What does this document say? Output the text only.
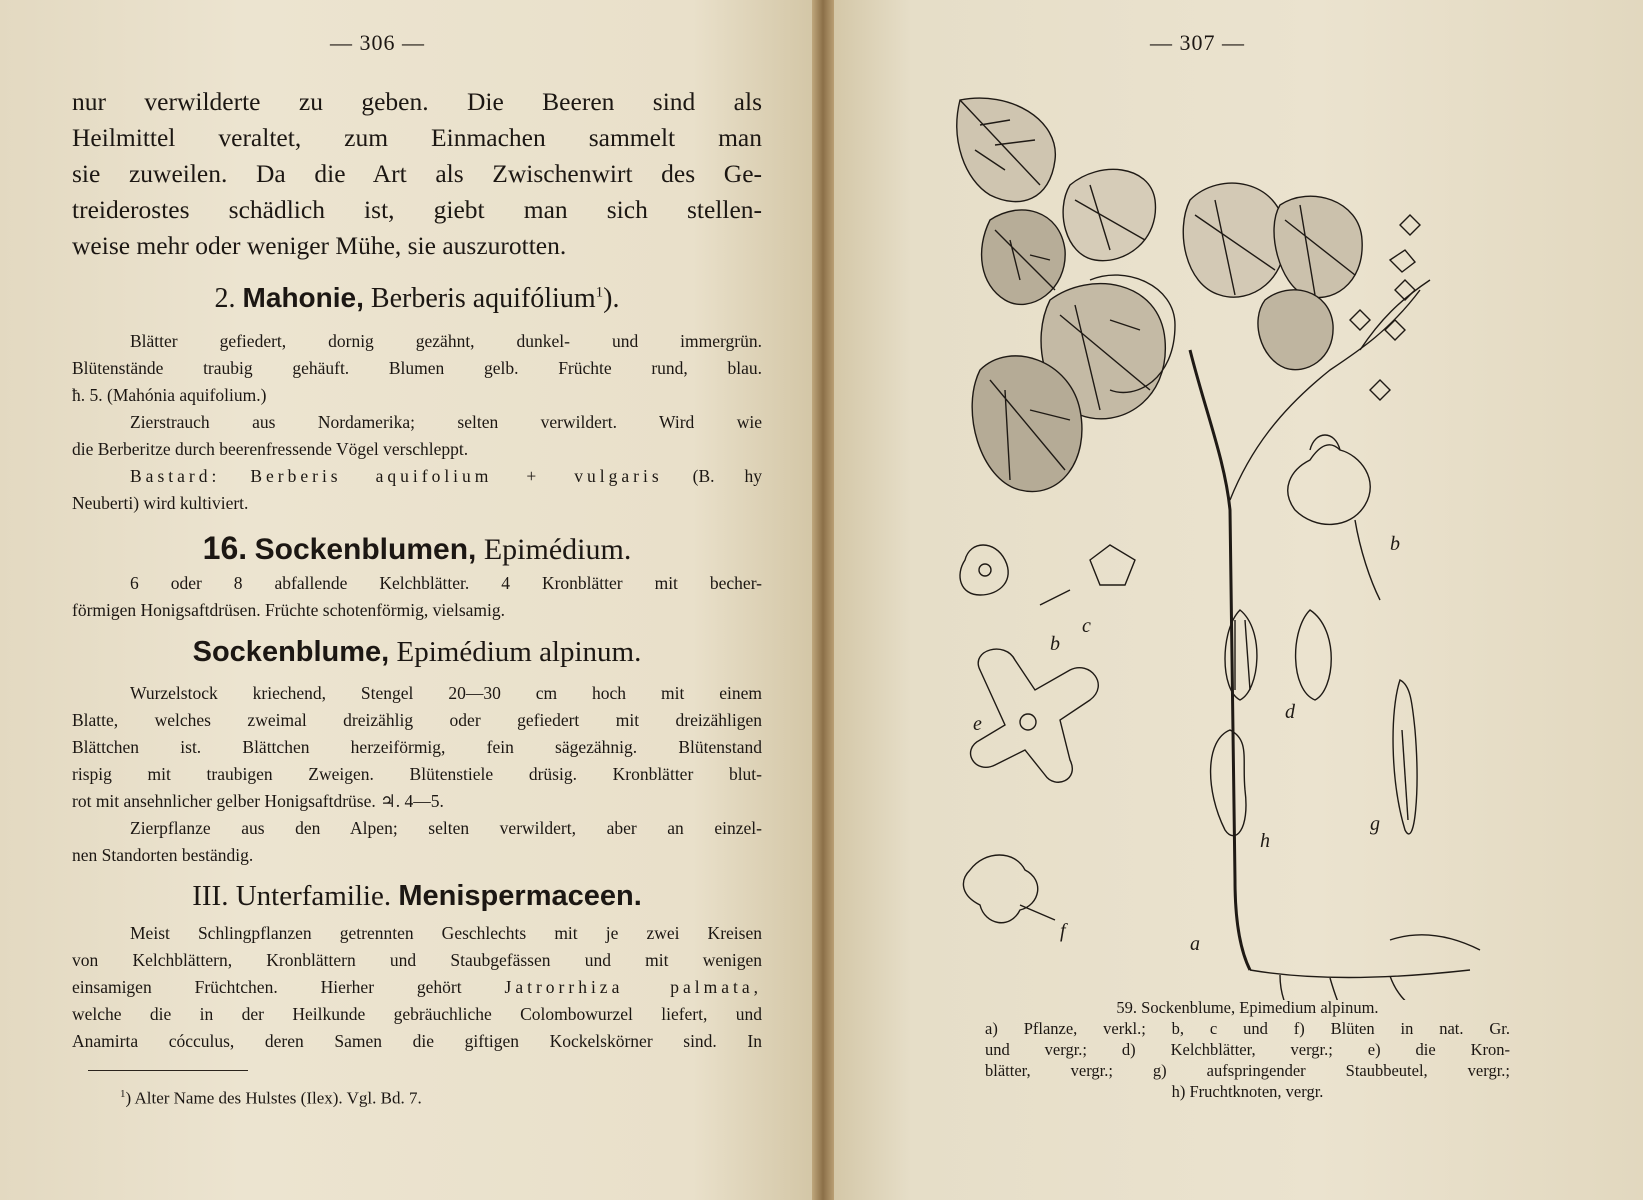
— 306 —

nur verwilderte zu geben. Die Beeren sind als

Heilmittel veraltet, zum Einmachen sammelt man

sie zuweilen. Da die Art als Zwischenwirt des Ge-

treiderostes schädlich ist, giebt man sich stellen-

weise mehr oder weniger Mühe, sie auszurotten.

2. Mahonie, Berberis aquifólium$^1$).

Blätter gefiedert, dornig gezähnt, dunkel- und immergrün.

Blütenstände traubig gehäuft. Blumen gelb. Früchte rund, blau.

ħ. 5. (Mahónia aquifolium.)

Zierstrauch aus Nordamerika; selten verwildert. Wird wie

die Berberitze durch beerenfressende Vögel verschleppt.

Bastard: Berberis aquifolium + vulgaris (B. hy

Neuberti) wird kultiviert.

16. Sockenblumen, Epimédium.

6 oder 8 abfallende Kelchblätter. 4 Kronblätter mit becher-

förmigen Honigsaftdrüsen. Früchte schotenförmig, vielsamig.

Sockenblume, Epimédium alpinum.

Wurzelstock kriechend, Stengel 20—30 cm hoch mit einem

Blatte, welches zweimal dreizählig oder gefiedert mit dreizähligen

Blättchen ist. Blättchen herzeiförmig, fein sägezähnig. Blütenstand

rispig mit traubigen Zweigen. Blütenstiele drüsig. Kronblätter blut-

rot mit ansehnlicher gelber Honigsaftdrüse. ♃. 4—5.

Zierpflanze aus den Alpen; selten verwildert, aber an einzel-

nen Standorten beständig.

III. Unterfamilie. Menispermaceen.

Meist Schlingpflanzen getrennten Geschlechts mit je zwei Kreisen

von Kelchblättern, Kronblättern und Staubgefässen und mit wenigen

einsamigen Früchtchen. Hierher gehört Jatrorrhiza palmata,

welche die in der Heilkunde gebräuchliche Colombowurzel liefert, und

Anamirta cócculus, deren Samen die giftigen Kockelskörner sind. In

$^1$) Alter Name des Hulstes (Ilex). Vgl. Bd. 7.
— 307 —
a
b
b
c
d
e
f
g
h

59. Sockenblume, Epimedium alpinum.

a) Pflanze, verkl.; b, c und f) Blüten in nat. Gr.

und vergr.; d) Kelchblätter, vergr.; e) die Kron-

blätter, vergr.; g) aufspringender Staubbeutel, vergr.;

h) Fruchtknoten, vergr.
